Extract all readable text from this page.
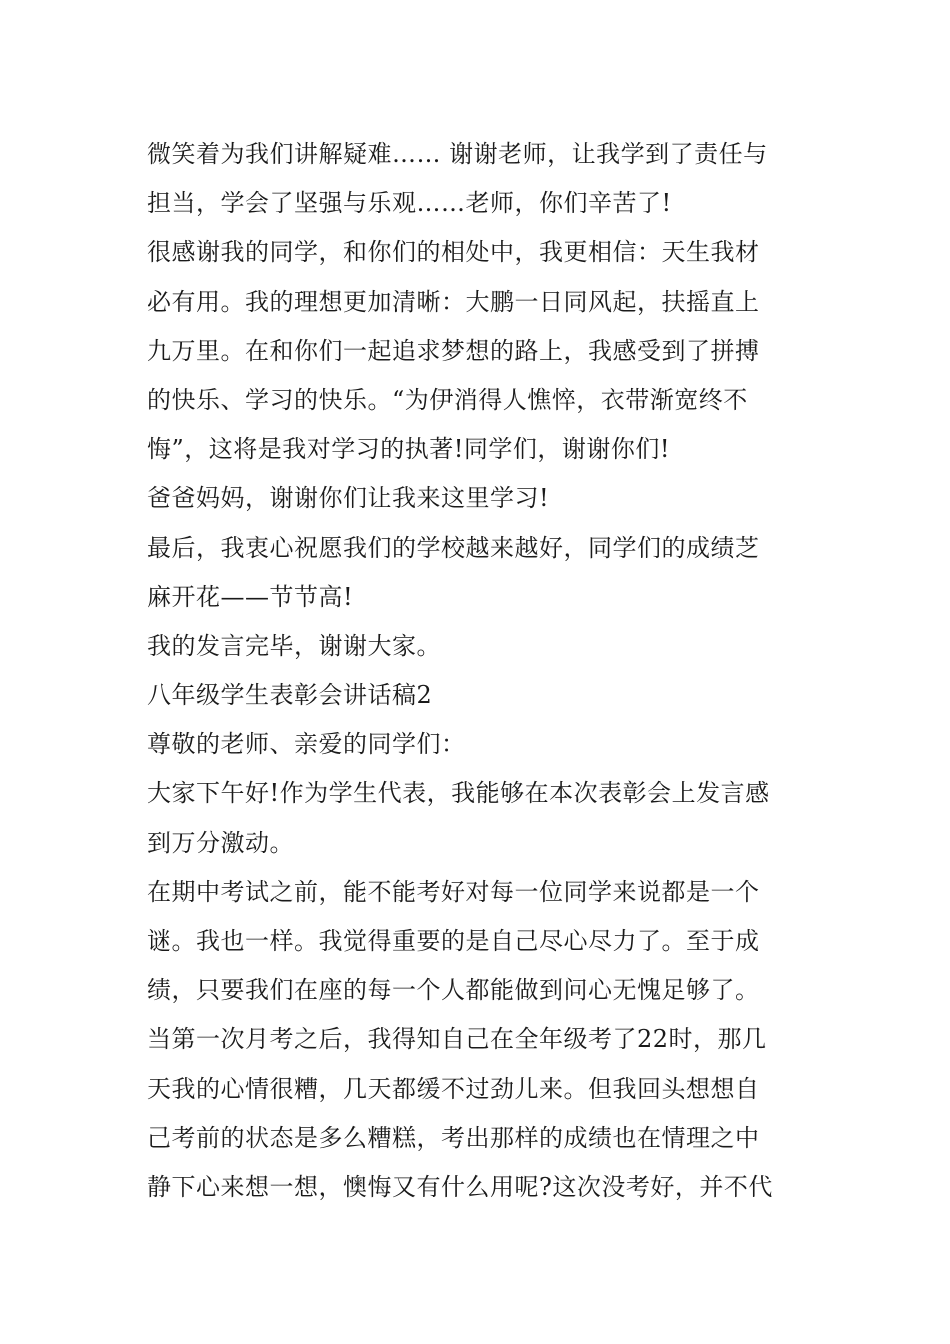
微笑着为我们讲解疑难…… 谢谢老师，让我学到了责任与
担当，学会了坚强与乐观……老师，你们辛苦了!
很感谢我的同学，和你们的相处中，我更相信：天生我材
必有用。我的理想更加清晰：大鹏一日同风起，扶摇直上
九万里。在和你们一起追求梦想的路上，我感受到了拼搏
的快乐、学习的快乐。“为伊消得人憔悴，衣带渐宽终不
悔”，这将是我对学习的执著!同学们，谢谢你们!
爸爸妈妈，谢谢你们让我来这里学习!
最后，我衷心祝愿我们的学校越来越好，同学们的成绩芝
麻开花——节节高!
我的发言完毕，谢谢大家。
八年级学生表彰会讲话稿2
尊敬的老师、亲爱的同学们：
大家下午好!作为学生代表，我能够在本次表彰会上发言感
到万分激动。
在期中考试之前，能不能考好对每一位同学来说都是一个
谜。我也一样。我觉得重要的是自己尽心尽力了。至于成
绩，只要我们在座的每一个人都能做到问心无愧足够了。
当第一次月考之后，我得知自己在全年级考了22时，那几
天我的心情很糟，几天都缓不过劲儿来。但我回头想想自
己考前的状态是多么糟糕，考出那样的成绩也在情理之中
静下心来想一想，懊悔又有什么用呢?这次没考好，并不代
